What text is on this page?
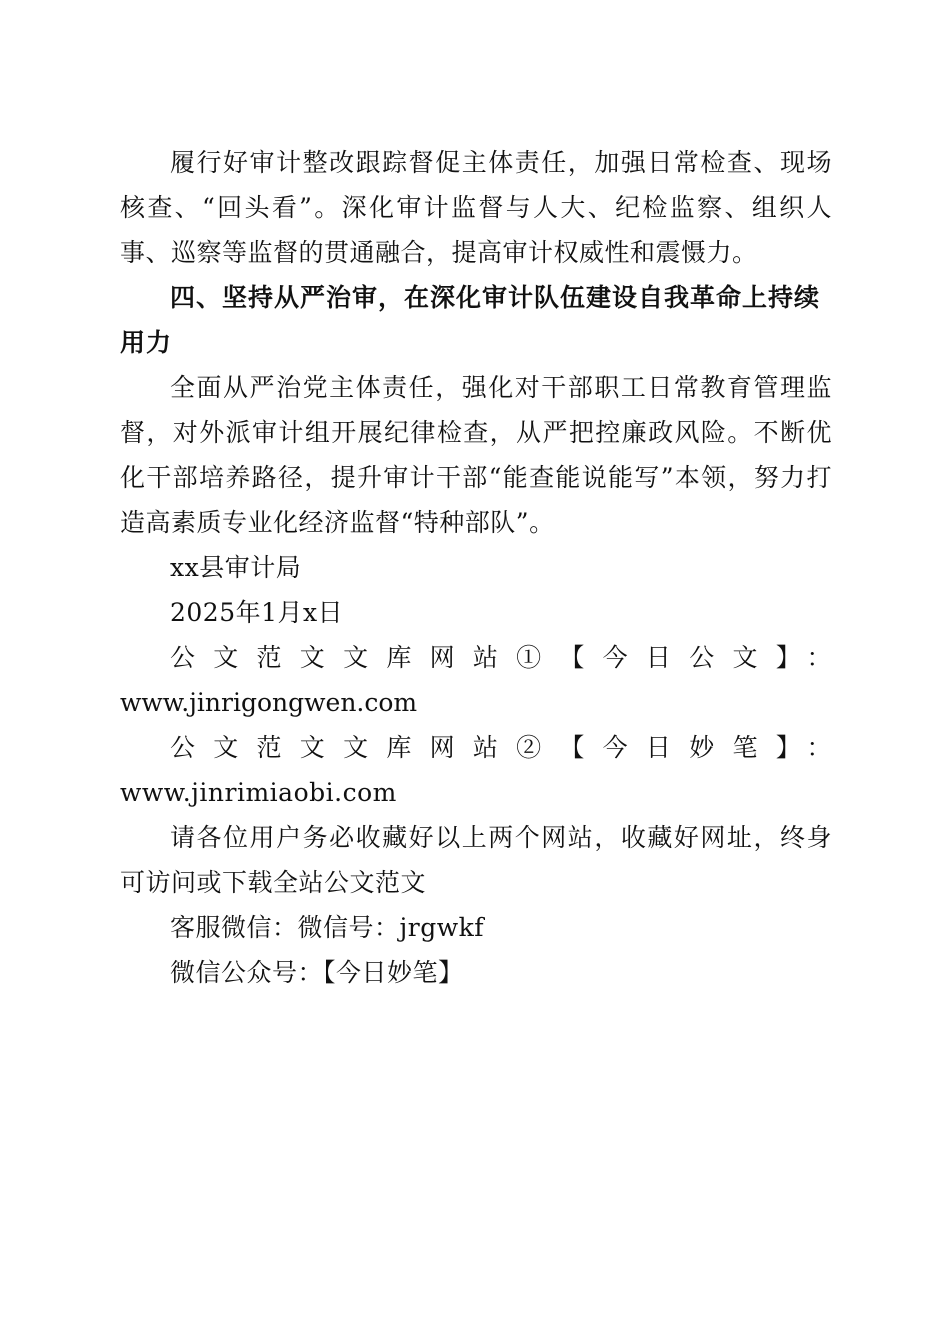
履行好审计整改跟踪督促主体责任，加强日常检查、现场核查、“回头看”。深化审计监督与人大、纪检监察、组织人事、巡察等监督的贯通融合，提高审计权威性和震慑力。

四、坚持从严治审，在深化审计队伍建设自我革命上持续用力

全面从严治党主体责任，强化对干部职工日常教育管理监督，对外派审计组开展纪律检查，从严把控廉政风险。不断优化干部培养路径，提升审计干部“能查能说能写”本领，努力打造高素质专业化经济监督“特种部队”。

xx县审计局

2025年1月x日

公文范文文库网站①【今日公文】：

www.jinrigongwen.com

公文范文文库网站②【今日妙笔】：www.jinrimiaobi.com

请各位用户务必收藏好以上两个网站，收藏好网址，终身可访问或下载全站公文范文

客服微信：微信号：jrgwkf

微信公众号：【今日妙笔】
